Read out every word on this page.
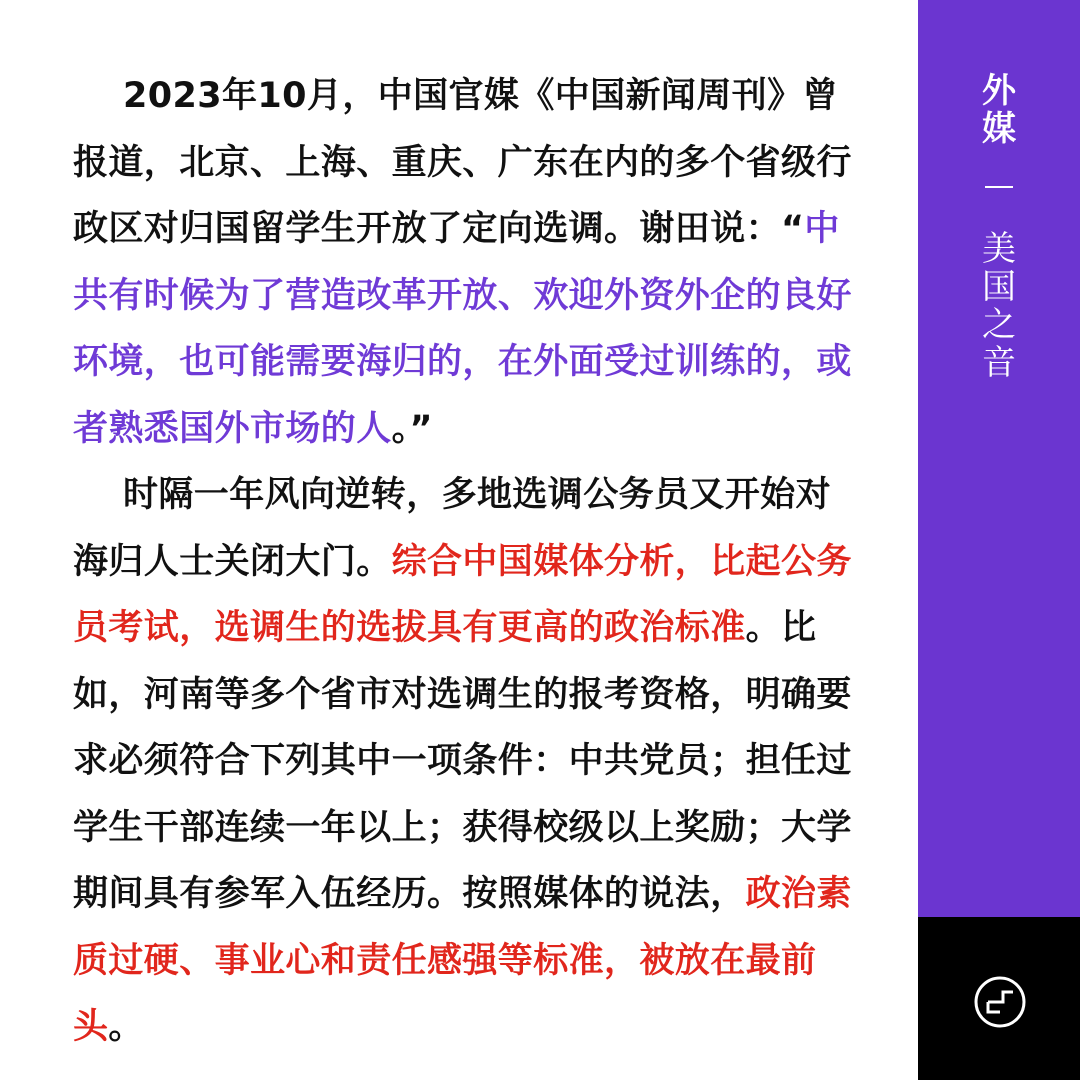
2023年10月，中国官媒《中国新闻周刊》曾报道，北京、上海、重庆、广东在内的多个省级行政区对归国留学生开放了定向选调。谢田说：“中共有时候为了营造改革开放、欢迎外资外企的良好环境，也可能需要海归的，在外面受过训练的，或者熟悉国外市场的人。”

时隔一年风向逆转，多地选调公务员又开始对海归人士关闭大门。综合中国媒体分析，比起公务员考试，选调生的选拔具有更高的政治标准。比如，河南等多个省市对选调生的报考资格，明确要求必须符合下列其中一项条件：中共党员；担任过学生干部连续一年以上；获得校级以上奖励；大学期间具有参军入伍经历。按照媒体的说法，政治素质过硬、事业心和责任感强等标准，被放在最前头。

外
媒
美
国
之
音
